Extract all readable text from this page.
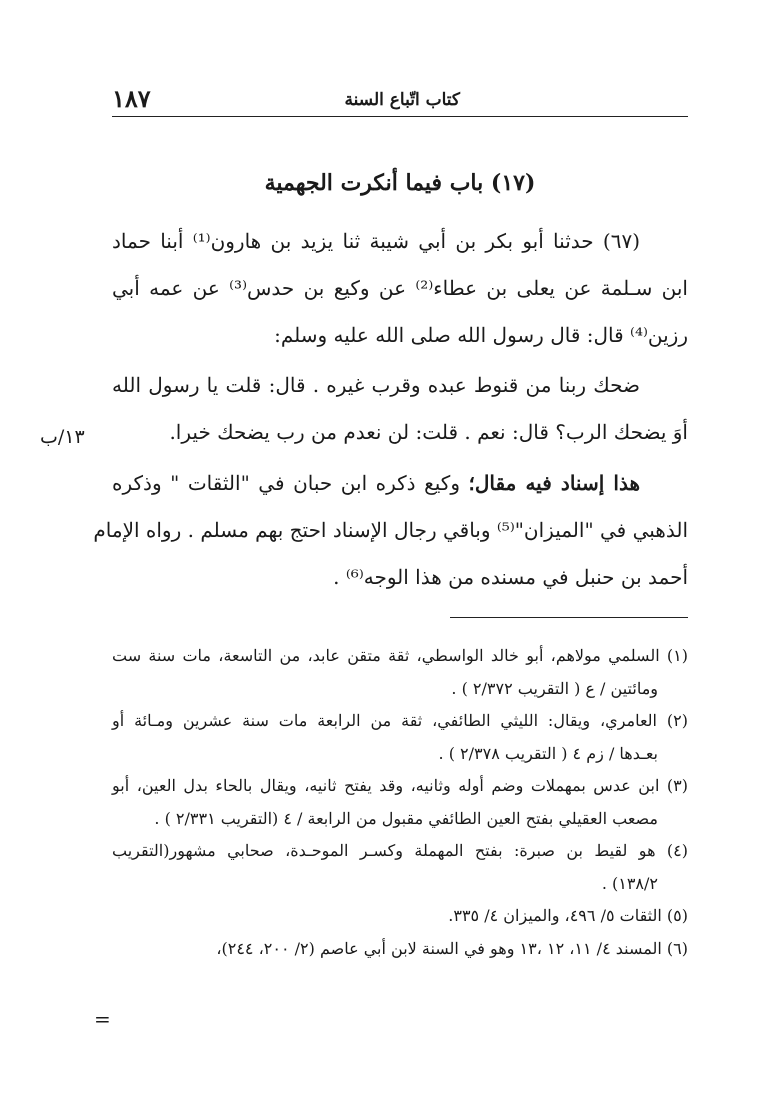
١٨٧	كتاب اتّباع السنة
(١٧) باب فيما أنكرت الجهمية
(٦٧) حدثنا أبو بكر بن أبي شيبة ثنا يزيد بن هارون⁽¹⁾ أبنا حماد
ابن سـلمة عن يعلى بن عطاء⁽²⁾ عن وكيع بن حدس⁽³⁾ عن عمه أبي
رزين⁽⁴⁾ قال: قال رسول الله صلى الله عليه وسلم:
ضحك ربنا من قنوط عبده وقرب غيره . قال: قلت يا رسول الله
أوَ يضحك الرب؟ قال: نعم . قلت: لن نعدم من رب يضحك خيرا.
١٣/ب
هذا إسناد فيه مقال؛ وكيع ذكره ابن حبان في "الثقات " وذكره
الذهبي في "الميزان"⁽⁵⁾ وباقي رجال الإسناد احتج بهم مسلم . رواه الإمام
أحمد بن حنبل في مسنده من هذا الوجه⁽⁶⁾ .
(١) السلمي مولاهم، أبو خالد الواسطي، ثقة متقن عابد، من التاسعة، مات سنة ست
ومائتين / ع ( التقريب ٢/٣٧٢ ) .
(٢) العامري، ويقال: الليثي الطائفي، ثقة من الرابعة مات سنة عشرين ومـائة أو
بعـدها / زم ٤ ( التقريب ٢/٣٧٨ ) .
(٣) ابن عدس بمهملات وضم أوله وثانيه، وقد يفتح ثانيه، ويقال بالحاء بدل العين، أبو
مصعب العقيلي بفتح العين الطائفي مقبول من الرابعة / ٤ (التقريب ٢/٣٣١ ) .
(٤) هو لقيط بن صبرة: بفتح المهملة وكسـر الموحـدة، صحابي مشهور(التقريب
١٣٨/٢) .
(٥) الثقات ٥/ ٤٩٦، والميزان ٤/ ٣٣٥.
(٦) المسند ٤/ ١١، ١٢ ،١٣ وهو في السنة لابن أبي عاصم (٢/ ٢٠٠، ٢٤٤)،
=
